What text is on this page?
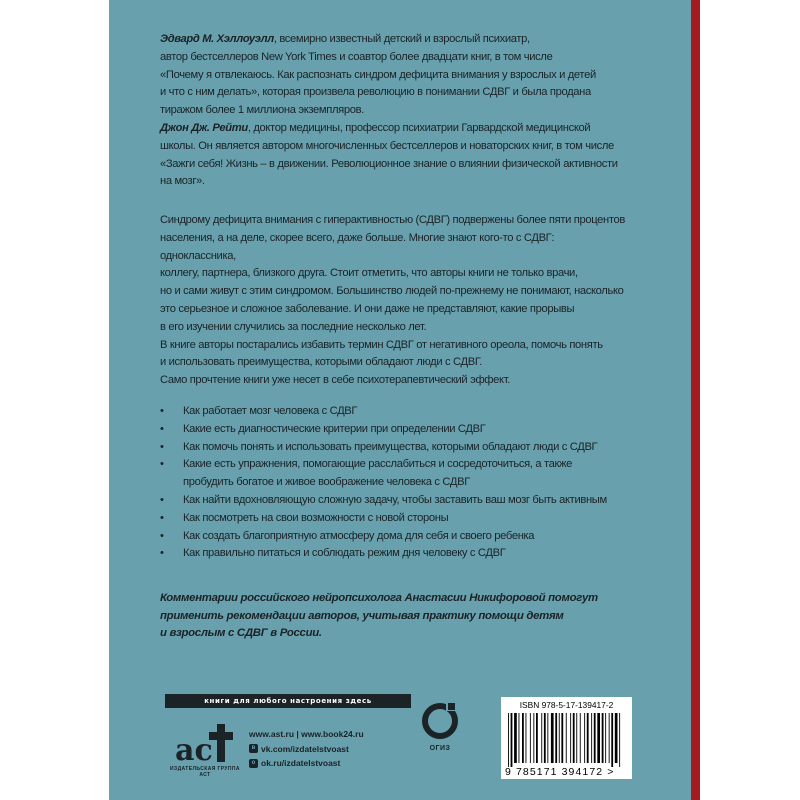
Эдвард М. Хэллоуэлл, всемирно известный детский и взрослый психиатр,

автор бестселлеров New York Times и соавтор более двадцати книг, в том числе

«Почему я отвлекаюсь. Как распознать синдром дефицита внимания у взрослых и детей

и что с ним делать», которая произвела революцию в понимании СДВГ и была продана

тиражом более 1 миллиона экземпляров.

Джон Дж. Рейти, доктор медицины, профессор психиатрии Гарвардской медицинской

школы. Он является автором многочисленных бестселлеров и новаторских книг, в том числе

«Зажги себя! Жизнь – в движении. Революционное знание о влиянии физической активности

на мозг».

Синдрому дефицита внимания с гиперактивностью (СДВГ) подвержены более пяти процентов

населения, а на деле, скорее всего, даже больше. Многие знают кого-то с СДВГ: одноклассника,

коллегу, партнера, близкого друга. Стоит отметить, что авторы книги не только врачи,

но и сами живут с этим синдромом. Большинство людей по-прежнему не понимают, насколько

это серьезное и сложное заболевание. И они даже не представляют, какие прорывы

в его изучении случились за последние несколько лет.

В книге авторы постарались избавить термин СДВГ от негативного ореола, помочь понять

и использовать преимущества, которыми обладают люди с СДВГ.

Само прочтение книги уже несет в себе психотерапевтический эффект.

• Как работает мозг человека с СДВГ
• Какие есть диагностические критерии при определении СДВГ
• Как помочь понять и использовать преимущества, которыми обладают люди с СДВГ
• Какие есть упражнения, помогающие расслабиться и сосредоточиться, а также
пробудить богатое и живое воображение человека с СДВГ
• Как найти вдохновляющую сложную задачу, чтобы заставить ваш мозг быть активным
• Как посмотреть на свои возможности с новой стороны
• Как создать благоприятную атмосферу дома для себя и своего ребенка
• Как правильно питаться и соблюдать режим дня человеку с СДВГ
Комментарии российского нейропсихолога Анастасии Никифоровой помогут
применить рекомендации авторов, учитывая практику помощи детям
и взрослым с СДВГ в России.
книги для любого настроения здесь
ас
ИЗДАТЕЛЬСКАЯ ГРУППА АСТ
www.ast.ru | www.book24.ru
в vk.com/izdatelstvoast
о ok.ru/izdatelstvoast
ОГИЗ
ISBN 978-5-17-139417-2
9 785171 394172 >
